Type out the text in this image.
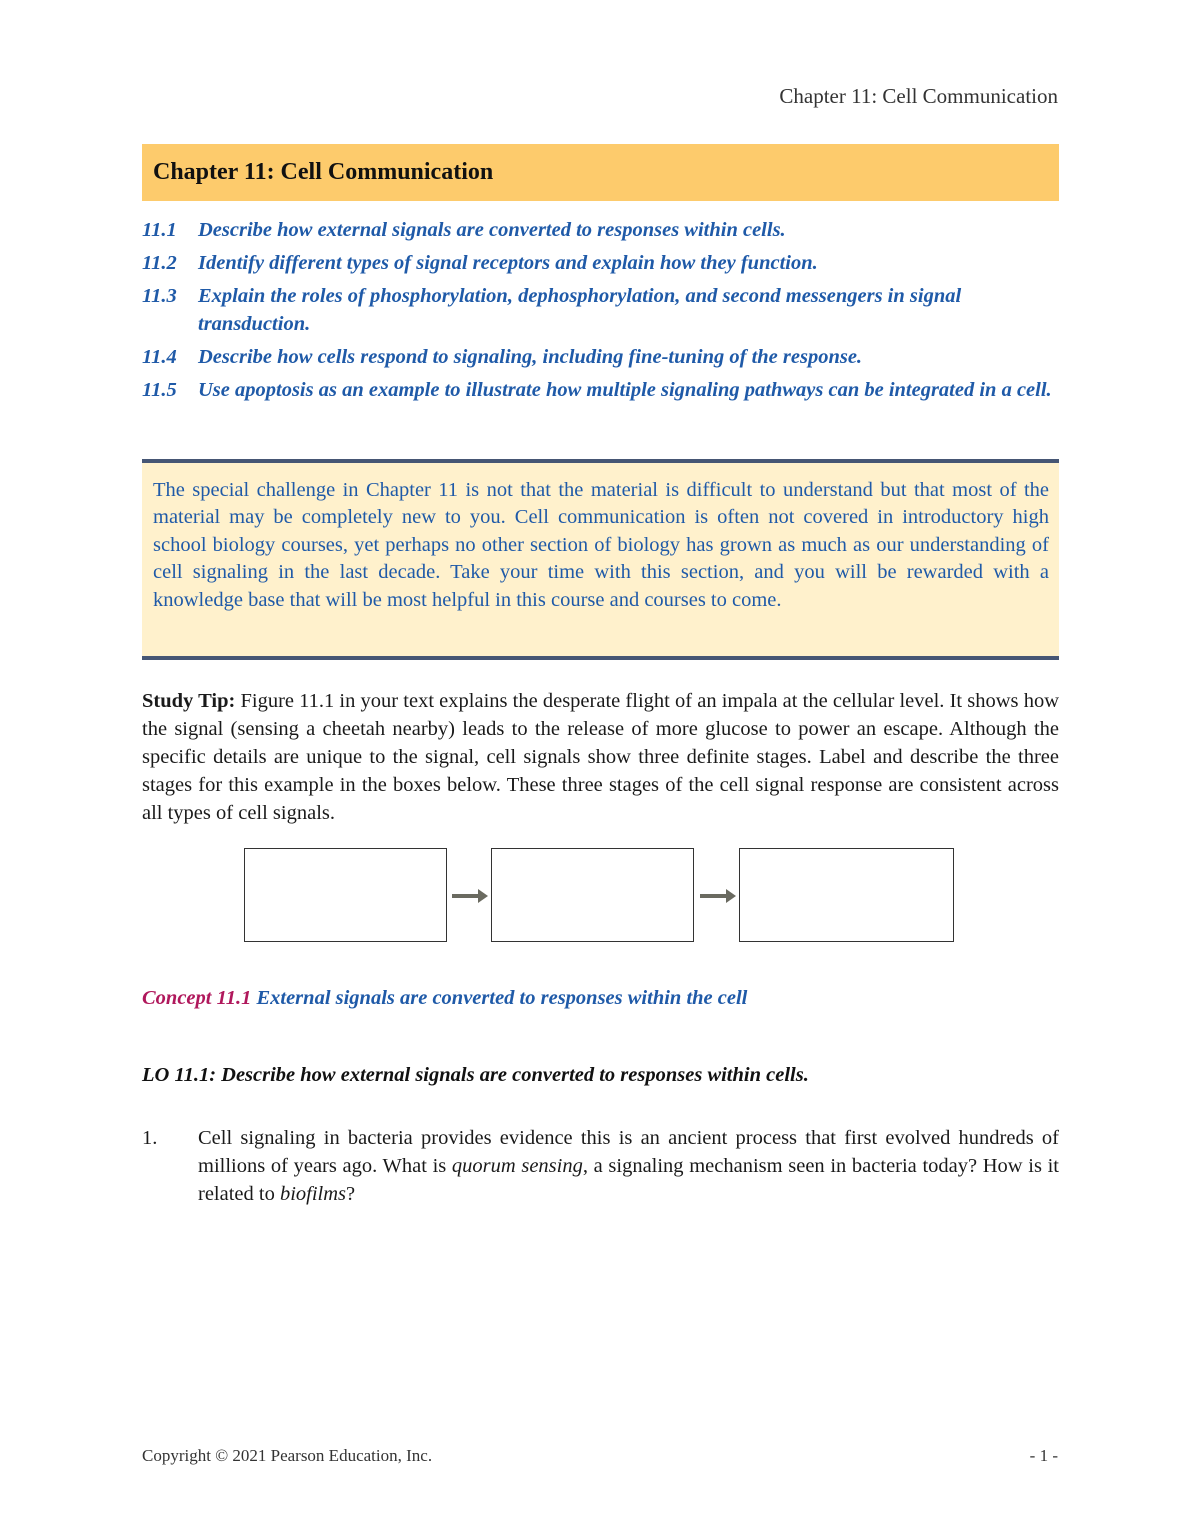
Chapter 11: Cell Communication
Chapter 11: Cell Communication
11.1	Describe how external signals are converted to responses within cells.
11.2	Identify different types of signal receptors and explain how they function.
11.3	Explain the roles of phosphorylation, dephosphorylation, and second messengers in signal transduction.
11.4	Describe how cells respond to signaling, including fine-tuning of the response.
11.5	Use apoptosis as an example to illustrate how multiple signaling pathways can be integrated in a cell.

The special challenge in Chapter 11 is not that the material is difficult to understand but that most of the material may be completely new to you. Cell communication is often not covered in introductory high school biology courses, yet perhaps no other section of biology has grown as much as our understanding of cell signaling in the last decade. Take your time with this section, and you will be rewarded with a knowledge base that will be most helpful in this course and courses to come.

Study Tip: Figure 11.1 in your text explains the desperate flight of an impala at the cellular level. It shows how the signal (sensing a cheetah nearby) leads to the release of more glucose to power an escape. Although the specific details are unique to the signal, cell signals show three definite stages. Label and describe the three stages for this example in the boxes below. These three stages of the cell signal response are consistent across all types of cell signals.

Concept 11.1 External signals are converted to responses within the cell

LO 11.1: Describe how external signals are converted to responses within cells.

1.	Cell signaling in bacteria provides evidence this is an ancient process that first evolved hundreds of millions of years ago. What is quorum sensing, a signaling mechanism seen in bacteria today? How is it related to biofilms?
Copyright © 2021 Pearson Education, Inc.	- 1 -
